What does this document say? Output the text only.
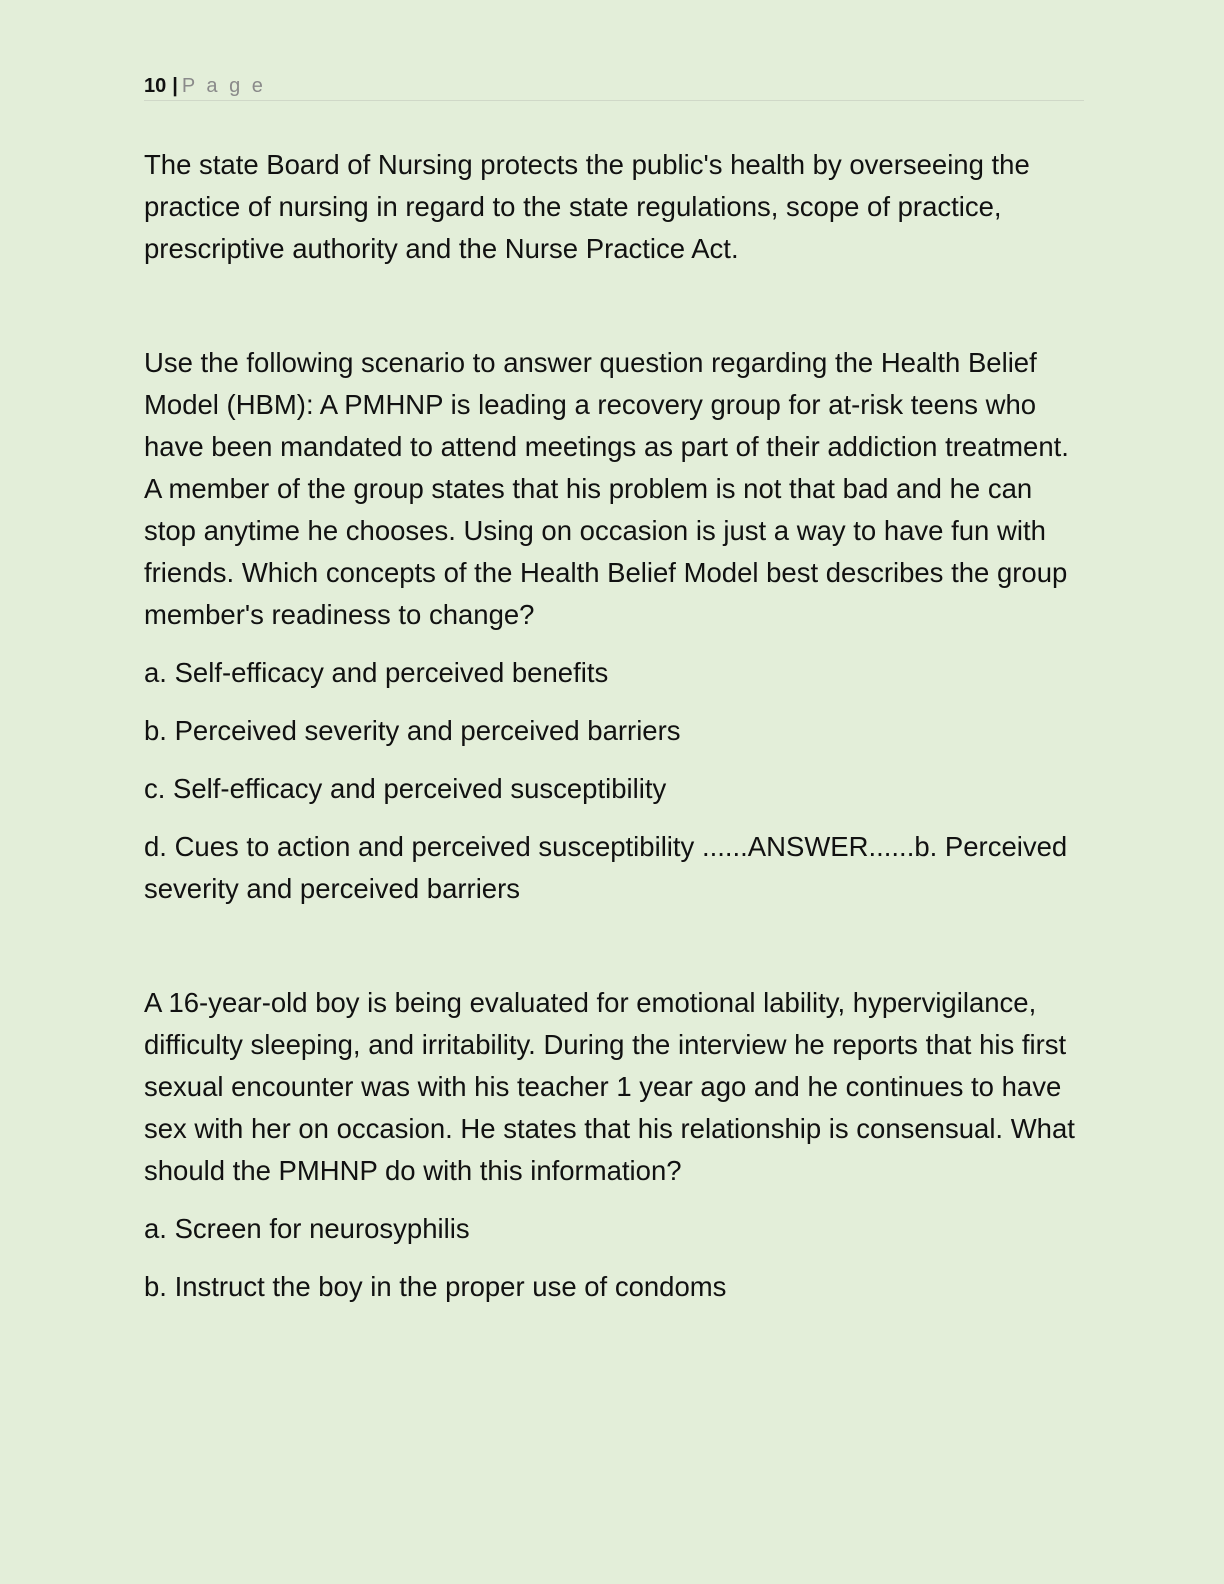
10 | P a g e

The state Board of Nursing protects the public's health by overseeing the practice of nursing in regard to the state regulations, scope of practice, prescriptive authority and the Nurse Practice Act.

Use the following scenario to answer question regarding the Health Belief Model (HBM): A PMHNP is leading a recovery group for at-risk teens who have been mandated to attend meetings as part of their addiction treatment. A member of the group states that his problem is not that bad and he can stop anytime he chooses. Using on occasion is just a way to have fun with friends. Which concepts of the Health Belief Model best describes the group member's readiness to change?

a. Self-efficacy and perceived benefits

b. Perceived severity and perceived barriers

c. Self-efficacy and perceived susceptibility

d. Cues to action and perceived susceptibility ......ANSWER......b. Perceived severity and perceived barriers

A 16-year-old boy is being evaluated for emotional lability, hypervigilance, difficulty sleeping, and irritability. During the interview he reports that his first sexual encounter was with his teacher 1 year ago and he continues to have sex with her on occasion. He states that his relationship is consensual. What should the PMHNP do with this information?

a. Screen for neurosyphilis

b. Instruct the boy in the proper use of condoms
